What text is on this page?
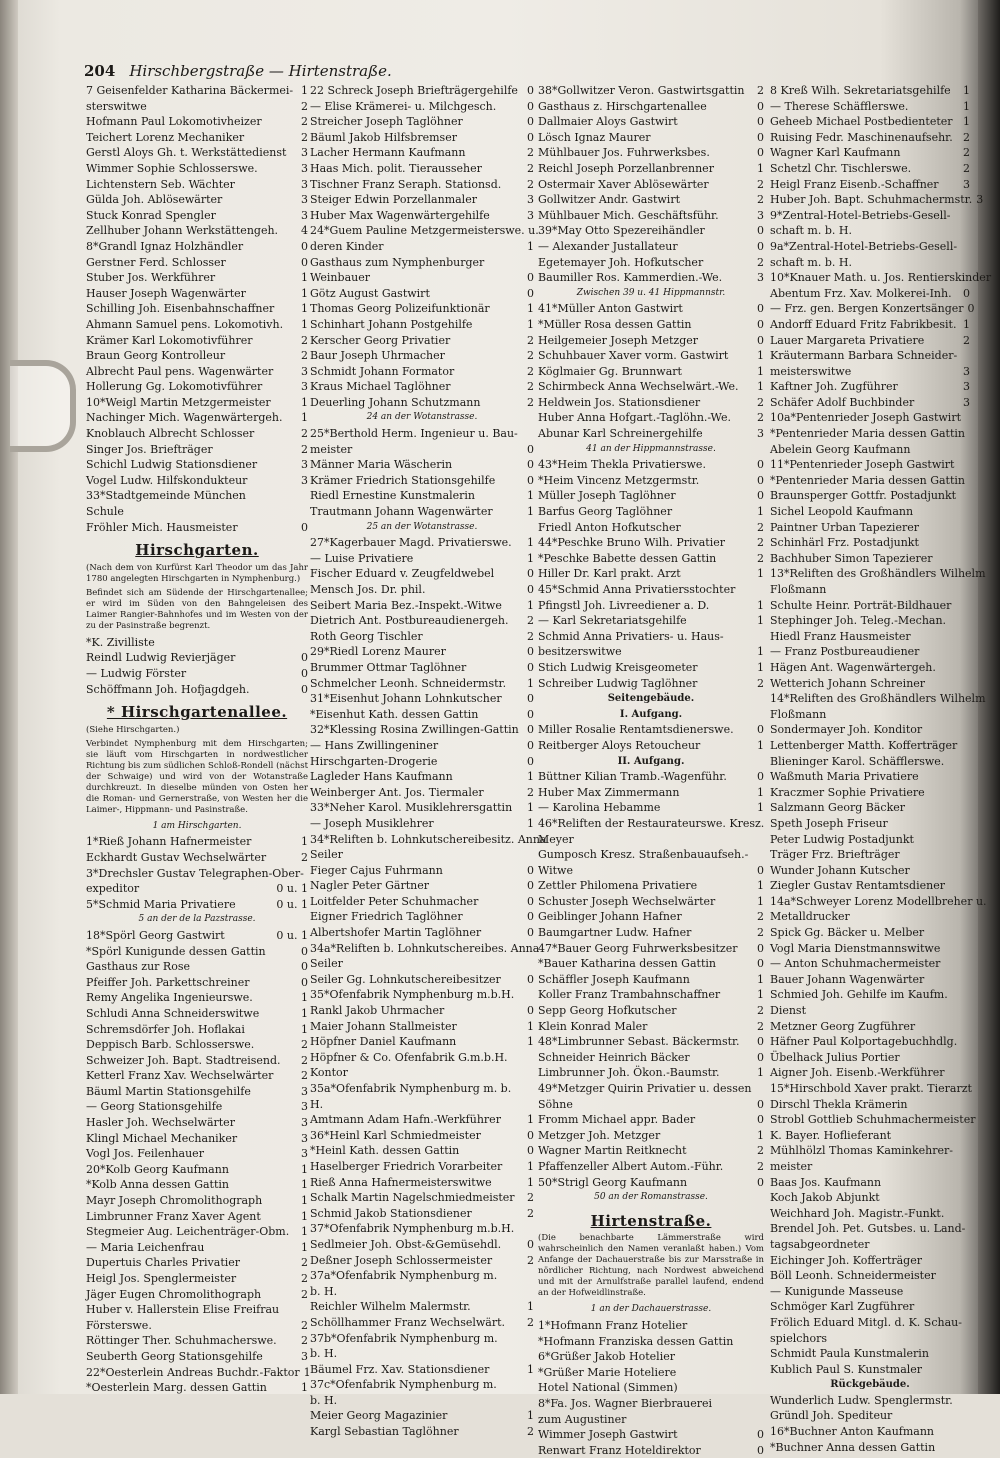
204 Hirschbergstraße — Hirtenstraße.
7 Geisenfelder Katharina Bäckermei- 1
sterswitwe	2
Hofmann Paul Lokomotivheizer	2
Teichert Lorenz Mechaniker	2
Gerstl Aloys Gh. t. Werkstättedienst	3
Wimmer Sophie Schlosserswe.	3
Lichtenstern Seb. Wächter	3
Gülda Joh. Ablösewärter	3
Stuck Konrad Spengler	3
Zellhuber Johann Werkstättengeh.	4
8*Grandl Ignaz Holzhändler	0
Gerstner Ferd. Schlosser	0
Stuber Jos. Werkführer	1
Hauser Joseph Wagenwärter	1
Schilling Joh. Eisenbahnschaffner	1
Ahmann Samuel pens. Lokomotivh.	1
Krämer Karl Lokomotivführer	2
Braun Georg Kontrolleur	2
Albrecht Paul pens. Wagenwärter	3
Hollerung Gg. Lokomotivführer	3
10*Weigl Martin Metzgermeister	1
Nachinger Mich. Wagenwärtergeh.	1
Knoblauch Albrecht Schlosser	2
Singer Jos. Briefträger	2
Schichl Ludwig Stationsdiener	3
Vogel Ludw. Hilfskondukteur	3
33*Stadtgemeinde München
Schule
Fröhler Mich. Hausmeister	0
Hirschgarten.
(Nach dem von Kurfürst Karl Theodor um das Jahr 1780 angelegten Hirschgarten in Nymphenburg.)
Befindet sich am Südende der Hirschgartenallee; er wird im Süden von den Bahngeleisen des Laimer Rangier-Bahnhofes und im Westen von der zu der Pasinstraße begrenzt.
*K. Zivilliste
Reindl Ludwig Revierjäger	0
— Ludwig Förster	0
Schöffmann Joh. Hofjagdgeh.	0
* Hirschgartenallee.
(Siehe Hirschgarten.)
Verbindet Nymphenburg mit dem Hirschgarten; sie läuft vom Hirschgarten in nordwestlicher Richtung bis zum südlichen Schloß-Rondell (nächst der Schwaige) und wird von der Wotanstraße durchkreuzt. In dieselbe münden von Osten her die Roman- und Gernerstraße, von Westen her die Laimer-, Hippmann- und Pasinstraße.
1 am Hirschgarten.
1*Rieß Johann Hafnermeister	1
Eckhardt Gustav Wechselwärter	2
3*Drechsler Gustav Telegraphen-Ober-
expeditor	0 u. 1
5*Schmid Maria Privatiere	0 u. 1
5 an der de la Pazstrasse.
18*Spörl Georg Gastwirt	0 u. 1
*Spörl Kunigunde dessen Gattin	0
Gasthaus zur Rose	0
Pfeiffer Joh. Parkettschreiner	0
Remy Angelika Ingenieurswe.	1
Schludi Anna Schneiderswitwe	1
Schremsdörfer Joh. Hoflakai	1
Deppisch Barb. Schlosserswe.	2
Schweizer Joh. Bapt. Stadtreisend.	2
Ketterl Franz Xav. Wechselwärter	2
Bäuml Martin Stationsgehilfe	3
— Georg Stationsgehilfe	3
Hasler Joh. Wechselwärter	3
Klingl Michael Mechaniker	3
Vogl Jos. Feilenhauer	3
20*Kolb Georg Kaufmann	1
*Kolb Anna dessen Gattin	1
Mayr Joseph Chromolithograph	1
Limbrunner Franz Xaver Agent	1
Stegmeier Aug. Leichenträger-Obm.	1
— Maria Leichenfrau	1
Dupertuis Charles Privatier	2
Heigl Jos. Spenglermeister	2
Jäger Eugen Chromolithograph	2
Huber v. Hallerstein Elise Freifrau
Försterswe.	2
Röttinger Ther. Schuhmacherswe.	2
Seuberth Georg Stationsgehilfe	3
22*Oesterlein Andreas Buchdr.-Faktor 1
*Oesterlein Marg. dessen Gattin	1
22 Schreck Joseph Briefträgergehilfe 0
— Elise Krämerei- u. Milchgesch.	0
Streicher Joseph Taglöhner	0
Bäuml Jakob Hilfsbremser	0
Lacher Hermann Kaufmann	2
Haas Mich. polit. Tierausseher	2
Tischner Franz Seraph. Stationsd.	2
Steiger Edwin Porzellanmaler	3
Huber Max Wagenwärtergehilfe	3
24*Guem Pauline Metzgermeisterswe. u.
deren Kinder	1
Gasthaus zum Nymphenburger
Weinbauer	0
Götz August Gastwirt	0
Thomas Georg Polizeifunktionär	1
Schinhart Johann Postgehilfe	1
Kerscher Georg Privatier	2
Baur Joseph Uhrmacher	2
Schmidt Johann Formator	2
Kraus Michael Taglöhner	2
Deuerling Johann Schutzmann	2
24 an der Wotanstrasse.
25*Berthold Herm. Ingenieur u. Bau-
meister	0
Männer Maria Wäscherin	0
Krämer Friedrich Stationsgehilfe	0
Riedl Ernestine Kunstmalerin	1
Trautmann Johann Wagenwärter	1
25 an der Wotanstrasse.
27*Kagerbauer Magd. Privatierswe.	1
— Luise Privatiere	1
Fischer Eduard v. Zeugfeldwebel	0
Mensch Jos. Dr. phil.	0
Seibert Maria Bez.-Inspekt.-Witwe	1
Dietrich Ant. Postbureaudienergeh.	2
Roth Georg Tischler	2
29*Riedl Lorenz Maurer	0
Brummer Ottmar Taglöhner	0
Schmelcher Leonh. Schneidermstr.	1
31*Eisenhut Johann Lohnkutscher	0
*Eisenhut Kath. dessen Gattin	0
32*Klessing Rosina Zwillingen-Gattin 0
— Hans Zwillingeniner	0
Hirschgarten-Drogerie	0
Lagleder Hans Kaufmann	1
Weinberger Ant. Jos. Tiermaler	2
33*Neher Karol. Musiklehrersgattin	1
— Joseph Musiklehrer	1
34*Reliften b. Lohnkutschereibesitz. Anna
Seiler
Fieger Cajus Fuhrmann	0
Nagler Peter Gärtner	0
Loitfelder Peter Schuhmacher	0
Eigner Friedrich Taglöhner	0
Albertshofer Martin Taglöhner	0
34a*Reliften b. Lohnkutschereibes. Anna
Seiler
Seiler Gg. Lohnkutschereibesitzer	0
35*Ofenfabrik Nymphenburg m.b.H.
Rankl Jakob Uhrmacher	0
Maier Johann Stallmeister	1
Höpfner Daniel Kaufmann	1
Höpfner & Co. Ofenfabrik G.m.b.H.
Kontor
35a*Ofenfabrik Nymphenburg m. b.
H.
Amtmann Adam Hafn.-Werkführer	1
36*Heinl Karl Schmiedmeister	0
*Heinl Kath. dessen Gattin	0
Haselberger Friedrich Vorarbeiter	1
Rieß Anna Hafnermeisterswitwe	1
Schalk Martin Nagelschmiedmeister	2
Schmid Jakob Stationsdiener	2
37*Ofenfabrik Nymphenburg m.b.H.
Sedlmeier Joh. Obst-&Gemüsehdl.	0
Deßner Joseph Schlossermeister	2
37a*Ofenfabrik Nymphenburg m.
b. H.
Reichler Wilhelm Malermstr.	1
Schöllhammer Franz Wechselwärt.	2
37b*Ofenfabrik Nymphenburg m.
b. H.
Bäumel Frz. Xav. Stationsdiener	1
37c*Ofenfabrik Nymphenburg m.
b. H.
Meier Georg Magazinier	1
Kargl Sebastian Taglöhner	2
38*Gollwitzer Veron. Gastwirtsgattin	2
Gasthaus z. Hirschgartenallee	0
Dallmaier Aloys Gastwirt	0
Lösch Ignaz Maurer	0
Mühlbauer Jos. Fuhrwerksbes.	0
Reichl Joseph Porzellanbrenner	1
Ostermair Xaver Ablösewärter	2
Gollwitzer Andr. Gastwirt	2
Mühlbauer Mich. Geschäftsführ.	3
39*May Otto Spezereihändler	0
— Alexander Justallateur	0
Egetemayer Joh. Hofkutscher	2
Baumiller Ros. Kammerdien.-We.	3
Zwischen 39 u. 41 Hippmannstr.
41*Müller Anton Gastwirt	0
*Müller Rosa dessen Gattin	0
Heilgemeier Joseph Metzger	0
Schuhbauer Xaver vorm. Gastwirt	1
Köglmaier Gg. Brunnwart	1
Schirmbeck Anna Wechselwärt.-We.	1
Heldwein Jos. Stationsdiener	2
Huber Anna Hofgart.-Taglöhn.-We.	2
Abunar Karl Schreinergehilfe	3
41 an der Hippmannstrasse.
43*Heim Thekla Privatierswe.	0
*Heim Vincenz Metzgermstr.	0
Müller Joseph Taglöhner	0
Barfus Georg Taglöhner	1
Friedl Anton Hofkutscher	2
44*Peschke Bruno Wilh. Privatier	2
*Peschke Babette dessen Gattin	2
Hiller Dr. Karl prakt. Arzt	1
45*Schmid Anna Privatiersstochter
Pfingstl Joh. Livreediener a. D.	1
— Karl Sekretariatsgehilfe	1
Schmid Anna Privatiers- u. Haus-
besitzerswitwe	1
Stich Ludwig Kreisgeometer	1
Schreiber Ludwig Taglöhner	2
Seitengebäude.
I. Aufgang.
Miller Rosalie Rentamtsdienerswe.	0
Reitberger Aloys Retoucheur	1
II. Aufgang.
Büttner Kilian Tramb.-Wagenführ.	0
Huber Max Zimmermann	1
— Karolina Hebamme	1
46*Reliften der Restaurateurswe. Kresz.
Meyer
Gumposch Kresz. Straßenbauaufseh.-
Witwe	0
Zettler Philomena Privatiere	1
Schuster Joseph Wechselwärter	1
Geiblinger Johann Hafner	2
Baumgartner Ludw. Hafner	2
47*Bauer Georg Fuhrwerksbesitzer	0
*Bauer Katharina dessen Gattin	0
Schäffler Joseph Kaufmann	1
Koller Franz Trambahnschaffner	1
Sepp Georg Hofkutscher	2
Klein Konrad Maler	2
48*Limbrunner Sebast. Bäckermstr.	0
Schneider Heinrich Bäcker	0
Limbrunner Joh. Ökon.-Baumstr.	1
49*Metzger Quirin Privatier u. dessen
Söhne	0
Fromm Michael appr. Bader	0
Metzger Joh. Metzger	1
Wagner Martin Reitknecht	2
Pfaffenzeller Albert Autom.-Führ.	2
50*Strigl Georg Kaufmann	0
50 an der Romanstrasse.
Hirtenstraße.
(Die benachbarte Lämmerstraße wird wahrscheinlich den Namen veranlaßt haben.) Vom Anfange der Dachauerstraße bis zur Marsstraße in nördlicher Richtung, nach Nordwest abweichend und mit der Arnulfstraße parallel laufend, endend an der Hofweidlinstraße.
1 an der Dachauerstrasse.
1*Hofmann Franz Hotelier
*Hofmann Franziska dessen Gattin
6*Grüßer Jakob Hotelier
*Grüßer Marie Hoteliere
Hotel National (Simmen)
8*Fa. Jos. Wagner Bierbrauerei
zum Augustiner
Wimmer Joseph Gastwirt	0
Renwart Franz Hoteldirektor	0
8 Kreß Wilh. Sekretariatsgehilfe	1
— Therese Schäfflerswe.	1
Geheeb Michael Postbedienteter 1
Ruising Fedr. Maschinenaufsehr. 2
Wagner Karl Kaufmann	2
Schetzl Chr. Tischlerswe.	2
Heigl Franz Eisenb.-Schaffner	3
Huber Joh. Bapt. Schuhmachermstr. 3
9*Zentral-Hotel-Betriebs-Gesell-
schaft m. b. H.
9a*Zentral-Hotel-Betriebs-Gesell-
schaft m. b. H.
10*Knauer Math. u. Jos. Rentierskinder
Abentum Frz. Xav. Molkerei-Inh.	0
— Frz. gen. Bergen Konzertsänger 0
Andorff Eduard Fritz Fabrikbesit. 1
Lauer Margareta Privatiere	2
Kräutermann Barbara Schneider-
meisterswitwe	3
Kaftner Joh. Zugführer	3
Schäfer Adolf Buchbinder	3
10a*Pentenrieder Joseph Gastwirt
*Pentenrieder Maria dessen Gattin
Abelein Georg Kaufmann
11*Pentenrieder Joseph Gastwirt
*Pentenrieder Maria dessen Gattin
Braunsperger Gottfr. Postadjunkt
Sichel Leopold Kaufmann
Paintner Urban Tapezierer
Schinhärl Frz. Postadjunkt
Bachhuber Simon Tapezierer
13*Reliften des Großhändlers Wilhelm
Floßmann
Schulte Heinr. Porträt-Bildhauer
Stephinger Joh. Teleg.-Mechan.
Hiedl Franz Hausmeister
— Franz Postbureaudiener
Hägen Ant. Wagenwärtergeh.
Wetterich Johann Schreiner
14*Reliften des Großhändlers Wilhelm
Floßmann
Sondermayer Joh. Konditor
Lettenberger Matth. Kofferträger
Blieninger Karol. Schäfflerswe.
Waßmuth Maria Privatiere
Kraczmer Sophie Privatiere
Salzmann Georg Bäcker
Speth Joseph Friseur
Peter Ludwig Postadjunkt
Träger Frz. Briefträger
Wunder Johann Kutscher
Ziegler Gustav Rentamtsdiener
14a*Schweyer Lorenz Modellbreher u.
Metalldrucker
Spick Gg. Bäcker u. Melber
Vogl Maria Dienstmannswitwe
— Anton Schuhmachermeister
Bauer Johann Wagenwärter
Schmied Joh. Gehilfe im Kaufm.
Dienst
Metzner Georg Zugführer
Häfner Paul Kolportagebuchhdlg.
Übelhack Julius Portier
Aigner Joh. Eisenb.-Werkführer
15*Hirschbold Xaver prakt. Tierarzt
Dirschl Thekla Krämerin
Strobl Gottlieb Schuhmachermeister
K. Bayer. Hoflieferant
Mühlhölzl Thomas Kaminkehrer-
meister
Baas Jos. Kaufmann
Koch Jakob Abjunkt
Weichhard Joh. Magistr.-Funkt.
Brendel Joh. Pet. Gutsbes. u. Land-
tagsabgeordneter
Eichinger Joh. Kofferträger
Böll Leonh. Schneidermeister
— Kunigunde Masseuse
Schmöger Karl Zugführer
Frölich Eduard Mitgl. d. K. Schau-
spielchors
Schmidt Paula Kunstmalerin
Kublich Paul S. Kunstmaler
Rückgebäude.
Wunderlich Ludw. Spenglermstr.
Gründl Joh. Spediteur
16*Buchner Anton Kaufmann
*Buchner Anna dessen Gattin
